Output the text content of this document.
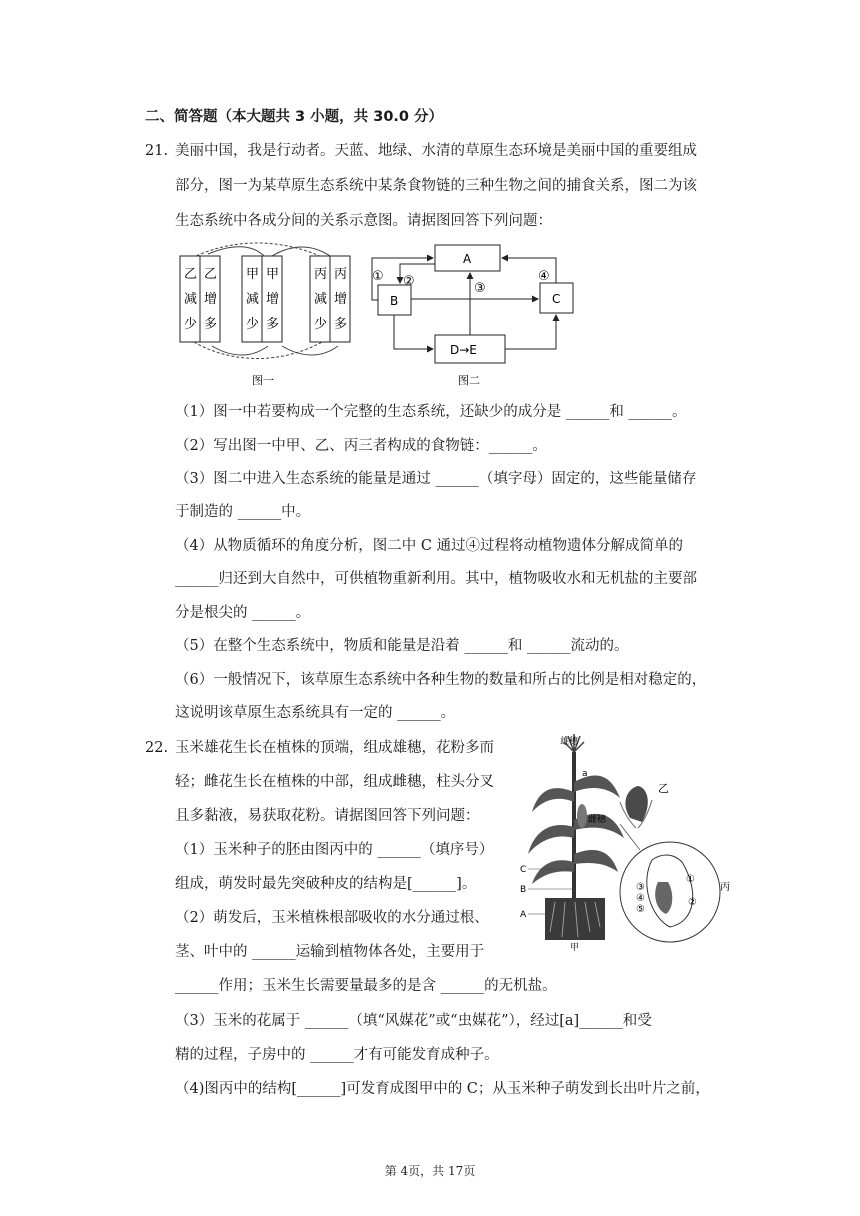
二、简答题（本大题共 3 小题，共 30.0 分）
21. 美丽中国，我是行动者。天蓝、地绿、水清的草原生态环境是美丽中国的重要组成
部分，图一为某草原生态系统中某条食物链的三种生物之间的捕食关系，图二为该
生态系统中各成分间的关系示意图。请据图回答下列问题：
乙
减
少
乙
增
多
甲
减
少
甲
增
多
丙
减
少
丙
增
多
图一
A
B	C
D→E
① ②	③
④
图二
（1）图一中若要构成一个完整的生态系统，还缺少的成分是 ______和 ______。
（2）写出图一中甲、乙、丙三者构成的食物链：______。
（3）图二中进入生态系统的能量是通过 ______（填字母）固定的，这些能量储存
于制造的 ______中。
（4）从物质循环的角度分析，图二中 C 通过④过程将动植物遗体分解成简单的
______归还到大自然中，可供植物重新利用。其中，植物吸收水和无机盐的主要部
分是根尖的 ______。
（5）在整个生态系统中，物质和能量是沿着 ______和 ______流动的。
（6）一般情况下，该草原生态系统中各种生物的数量和所占的比例是相对稳定的，
这说明该草原生态系统具有一定的 ______。
22. 玉米雄花生长在植株的顶端，组成雄穗，花粉多而
轻；雌花生长在植株的中部，组成雌穗，柱头分叉
且多黏液，易获取花粉。请据图回答下列问题：
（1）玉米种子的胚由图丙中的 ______（填序号）
组成，萌发时最先突破种皮的结构是[______]。
（2）萌发后，玉米植株根部吸收的水分通过根、
茎、叶中的 ______运输到植物体各处，主要用于
______作用；玉米生长需要量最多的是含 ______的无机盐。
（3）玉米的花属于 ______（填“风媒花”或“虫媒花”），经过[a]______和受
精的过程，子房中的 ______才有可能发育成种子。
（4)图丙中的结构[______]可发育成图甲中的 C；从玉米种子萌发到长出叶片之前，
雄穗
a
雌穗
乙
丙
甲
C
B
A
①
②
③
④
⑤
第 4页，共 17页
